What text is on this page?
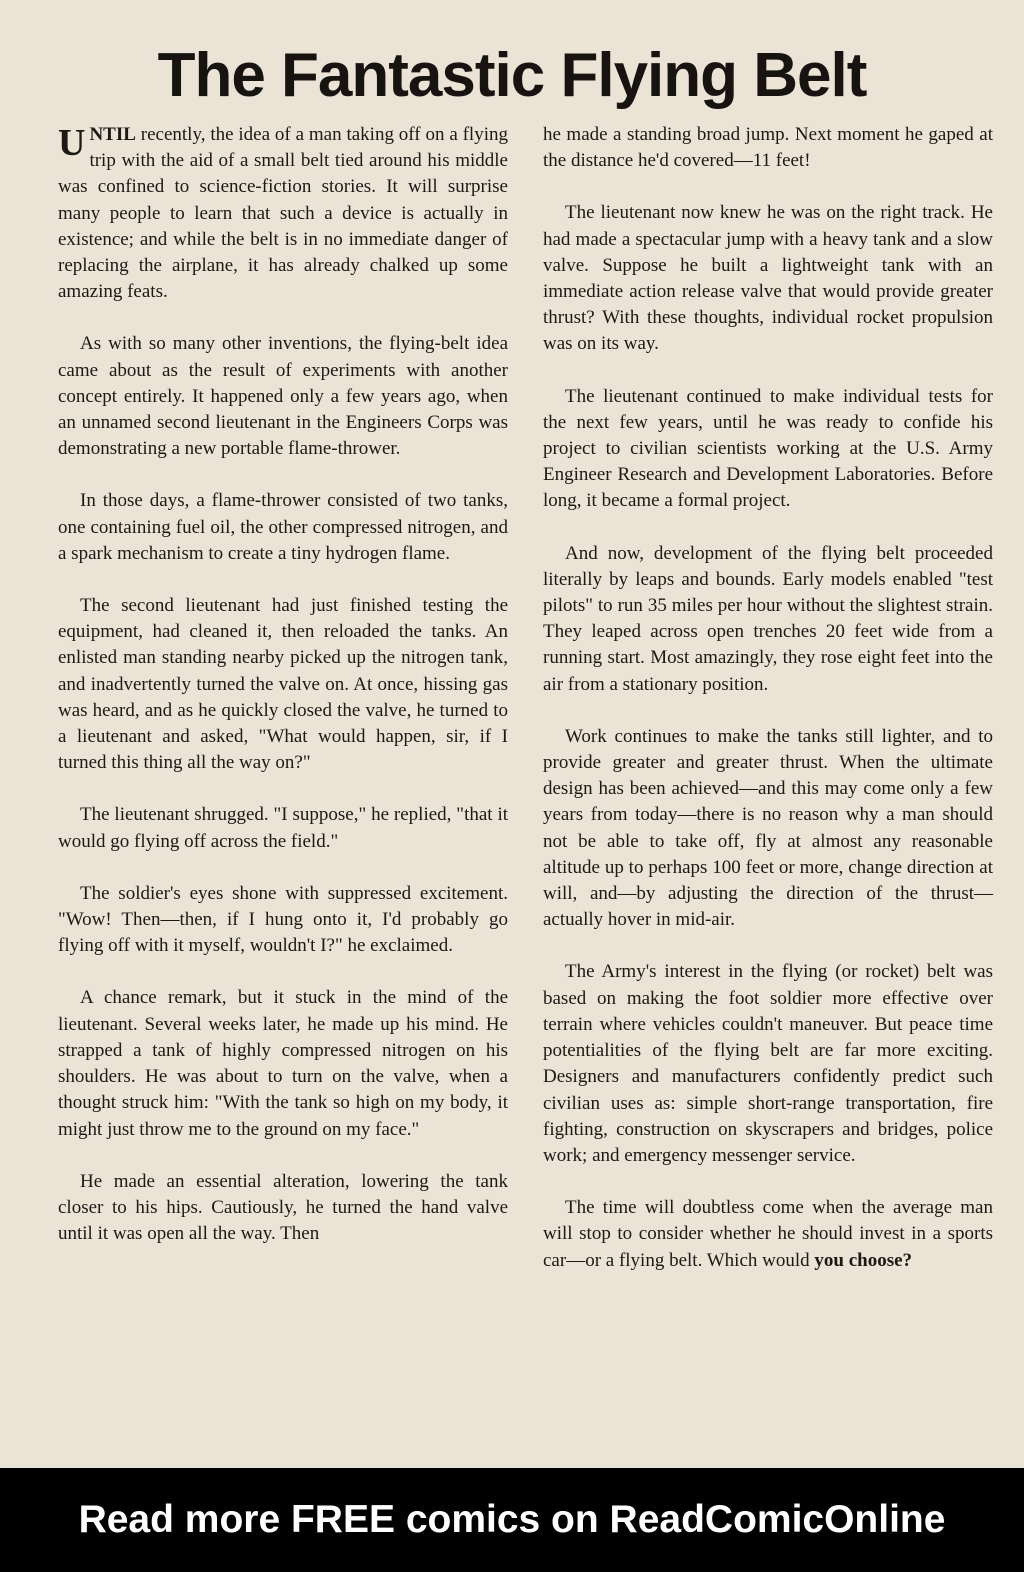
The Fantastic Flying Belt

UNTIL recently, the idea of a man taking off on a flying trip with the aid of a small belt tied around his middle was confined to science-fiction stories. It will surprise many people to learn that such a device is actually in existence; and while the belt is in no immediate danger of replacing the airplane, it has already chalked up some amazing feats.

As with so many other inventions, the flying-belt idea came about as the result of experiments with another concept entirely. It happened only a few years ago, when an unnamed second lieutenant in the Engineers Corps was demonstrating a new portable flame-thrower.

In those days, a flame-thrower consisted of two tanks, one containing fuel oil, the other compressed nitrogen, and a spark mechanism to create a tiny hydrogen flame.

The second lieutenant had just finished testing the equipment, had cleaned it, then reloaded the tanks. An enlisted man standing nearby picked up the nitrogen tank, and inadvertently turned the valve on. At once, hissing gas was heard, and as he quickly closed the valve, he turned to a lieutenant and asked, "What would happen, sir, if I turned this thing all the way on?"

The lieutenant shrugged. "I suppose," he replied, "that it would go flying off across the field."

The soldier's eyes shone with suppressed excitement. "Wow! Then—then, if I hung onto it, I'd probably go flying off with it myself, wouldn't I?" he exclaimed.

A chance remark, but it stuck in the mind of the lieutenant. Several weeks later, he made up his mind. He strapped a tank of highly compressed nitrogen on his shoulders. He was about to turn on the valve, when a thought struck him: "With the tank so high on my body, it might just throw me to the ground on my face."

He made an essential alteration, lowering the tank closer to his hips. Cautiously, he turned the hand valve until it was open all the way. Then

he made a standing broad jump. Next moment he gaped at the distance he'd covered—11 feet!

The lieutenant now knew he was on the right track. He had made a spectacular jump with a heavy tank and a slow valve. Suppose he built a lightweight tank with an immediate action release valve that would provide greater thrust? With these thoughts, individual rocket propulsion was on its way.

The lieutenant continued to make individual tests for the next few years, until he was ready to confide his project to civilian scientists working at the U.S. Army Engineer Research and Development Laboratories. Before long, it became a formal project.

And now, development of the flying belt proceeded literally by leaps and bounds. Early models enabled "test pilots" to run 35 miles per hour without the slightest strain. They leaped across open trenches 20 feet wide from a running start. Most amazingly, they rose eight feet into the air from a stationary position.

Work continues to make the tanks still lighter, and to provide greater and greater thrust. When the ultimate design has been achieved—and this may come only a few years from today—there is no reason why a man should not be able to take off, fly at almost any reasonable altitude up to perhaps 100 feet or more, change direction at will, and—by adjusting the direction of the thrust—actually hover in mid-air.

The Army's interest in the flying (or rocket) belt was based on making the foot soldier more effective over terrain where vehicles couldn't maneuver. But peace time potentialities of the flying belt are far more exciting. Designers and manufacturers confidently predict such civilian uses as: simple short-range transportation, fire fighting, construction on skyscrapers and bridges, police work; and emergency messenger service.

The time will doubtless come when the average man will stop to consider whether he should invest in a sports car—or a flying belt. Which would you choose?

Read more FREE comics on ReadComicOnline
